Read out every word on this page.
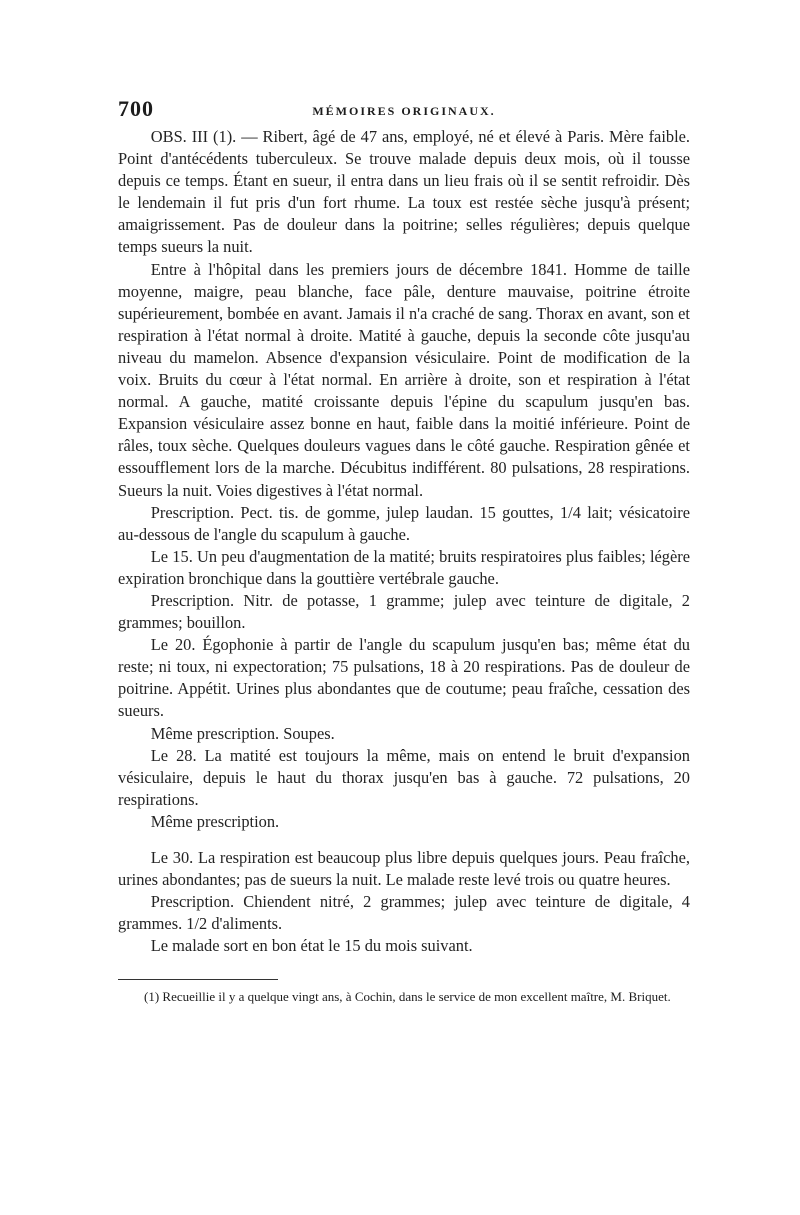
700	MÉMOIRES ORIGINAUX.

OBS. III (1). — Ribert, âgé de 47 ans, employé, né et élevé à Paris. Mère faible. Point d'antécédents tuberculeux. Se trouve malade depuis deux mois, où il tousse depuis ce temps. Étant en sueur, il entra dans un lieu frais où il se sentit refroidir. Dès le lendemain il fut pris d'un fort rhume. La toux est restée sèche jusqu'à présent; amaigrissement. Pas de douleur dans la poitrine; selles régulières; depuis quelque temps sueurs la nuit.

Entre à l'hôpital dans les premiers jours de décembre 1841. Homme de taille moyenne, maigre, peau blanche, face pâle, denture mauvaise, poitrine étroite supérieurement, bombée en avant. Jamais il n'a craché de sang. Thorax en avant, son et respiration à l'état normal à droite. Matité à gauche, depuis la seconde côte jusqu'au niveau du mamelon. Absence d'expansion vésiculaire. Point de modification de la voix. Bruits du cœur à l'état normal. En arrière à droite, son et respiration à l'état normal. A gauche, matité croissante depuis l'épine du scapulum jusqu'en bas. Expansion vésiculaire assez bonne en haut, faible dans la moitié inférieure. Point de râles, toux sèche. Quelques douleurs vagues dans le côté gauche. Respiration gênée et essoufflement lors de la marche. Décubitus indifférent. 80 pulsations, 28 respirations. Sueurs la nuit. Voies digestives à l'état normal.

Prescription. Pect. tis. de gomme, julep laudan. 15 gouttes, 1/4 lait; vésicatoire au-dessous de l'angle du scapulum à gauche.

Le 15. Un peu d'augmentation de la matité; bruits respiratoires plus faibles; légère expiration bronchique dans la gouttière vertébrale gauche.

Prescription. Nitr. de potasse, 1 gramme; julep avec teinture de digitale, 2 grammes; bouillon.

Le 20. Égophonie à partir de l'angle du scapulum jusqu'en bas; même état du reste; ni toux, ni expectoration; 75 pulsations, 18 à 20 respirations. Pas de douleur de poitrine. Appétit. Urines plus abondantes que de coutume; peau fraîche, cessation des sueurs.

Même prescription. Soupes.

Le 28. La matité est toujours la même, mais on entend le bruit d'expansion vésiculaire, depuis le haut du thorax jusqu'en bas à gauche. 72 pulsations, 20 respirations.

Même prescription.

Le 30. La respiration est beaucoup plus libre depuis quelques jours. Peau fraîche, urines abondantes; pas de sueurs la nuit. Le malade reste levé trois ou quatre heures.

Prescription. Chiendent nitré, 2 grammes; julep avec teinture de digitale, 4 grammes. 1/2 d'aliments.

Le malade sort en bon état le 15 du mois suivant.

(1) Recueillie il y a quelque vingt ans, à Cochin, dans le service de mon excellent maître, M. Briquet.
